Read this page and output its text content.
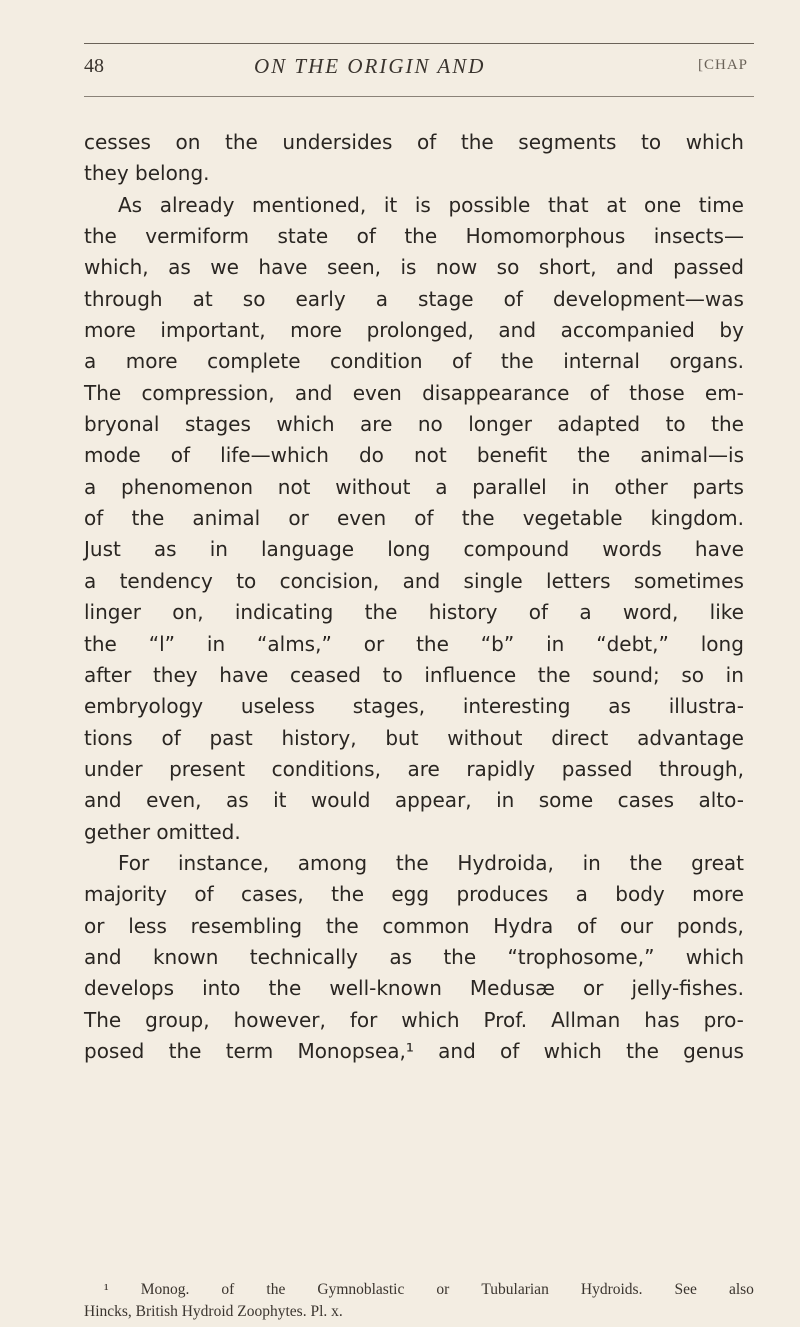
48	ON THE ORIGIN AND	[CHAP
cesses on the undersides of the segments to which
they belong.
As already mentioned, it is possible that at one time
the vermiform state of the Homomorphous insects—
which, as we have seen, is now so short, and passed
through at so early a stage of development—was
more important, more prolonged, and accompanied by
a more complete condition of the internal organs.
The compression, and even disappearance of those em-
bryonal stages which are no longer adapted to the
mode of life—which do not benefit the animal—is
a phenomenon not without a parallel in other parts
of the animal or even of the vegetable kingdom.
Just as in language long compound words have
a tendency to concision, and single letters sometimes
linger on, indicating the history of a word, like
the “l” in “alms,” or the “b” in “debt,” long
after they have ceased to influence the sound; so in
embryology useless stages, interesting as illustra-
tions of past history, but without direct advantage
under present conditions, are rapidly passed through,
and even, as it would appear, in some cases alto-
gether omitted.
For instance, among the Hydroida, in the great
majority of cases, the egg produces a body more
or less resembling the common Hydra of our ponds,
and known technically as the “trophosome,” which
develops into the well-known Medusæ or jelly-fishes.
The group, however, for which Prof. Allman has pro-
posed the term Monopsea,¹ and of which the genus
¹ Monog. of the Gymnoblastic or Tubularian Hydroids. See also
Hincks, British Hydroid Zoophytes. Pl. x.
